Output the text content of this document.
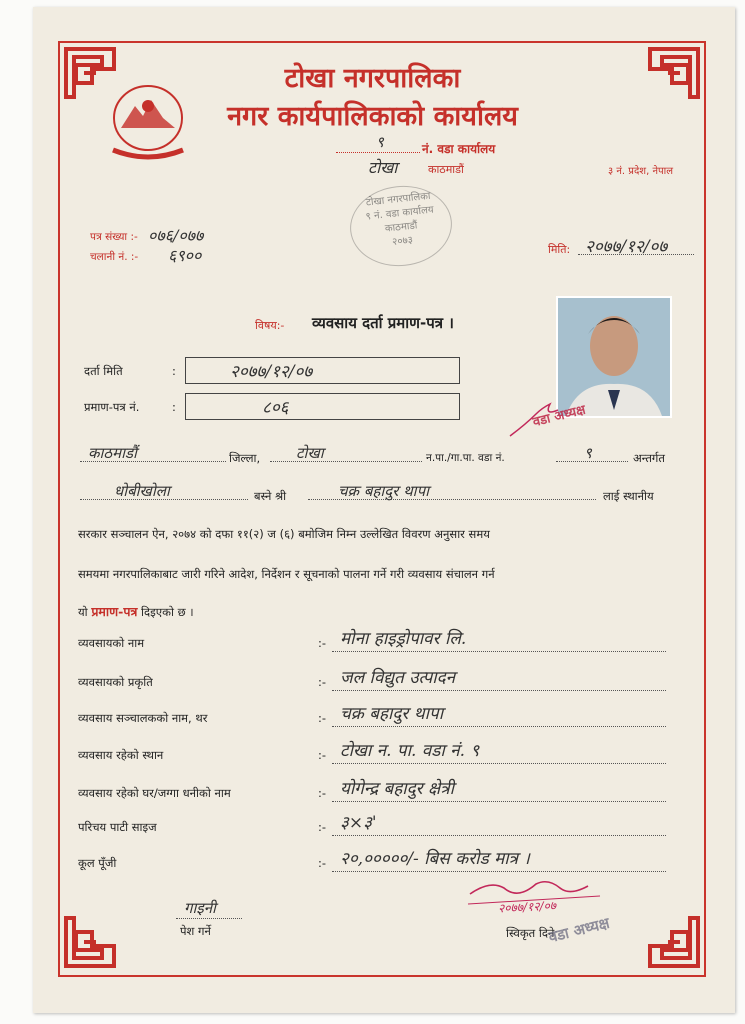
टोखा नगरपालिका
नगर कार्यपालिकाको कार्यालय
९	नं. वडा कार्यालय
टोखा	काठमाडौं	३ नं. प्रदेश, नेपाल
टोखा नगरपालिका
९ नं. वडा कार्यालय
काठमाडौं
२०७३
पत्र संख्या :- ०७६/०७७
चलानी नं. :- ६९००	मिति: २०७७/१२/०७
विषय:- व्यवसाय दर्ता प्रमाण-पत्र ।
वडा अध्यक्ष
दर्ता मिति	:	२०७७/१२/०७
प्रमाण-पत्र नं.	:	८०६
काठमाडौं	जिल्ला, टोखा	न.पा./गा.पा. वडा नं.	९	अन्तर्गत
धोबीखोला	बस्ने श्री	चक्र बहादुर थापा	लाई स्थानीय
सरकार सञ्चालन ऐन, २०७४ को दफा ११(२) ज (६) बमोजिम निम्न उल्लेखित विवरण अनुसार समय
समयमा नगरपालिकाबाट जारी गरिने आदेश, निर्देशन र सूचनाको पालना गर्ने गरी व्यवसाय संचालन गर्न
यो प्रमाण-पत्र दिइएको छ ।
व्यवसायको नाम	:- मोना हाइड्रोपावर लि.
व्यवसायको प्रकृति	:- जल विद्युत उत्पादन
व्यवसाय सञ्चालकको नाम, थर	:- चक्र बहादुर थापा
व्यवसाय रहेको स्थान	:- टोखा न. पा. वडा नं. ९
व्यवसाय रहेको घर/जग्गा धनीको नाम	:- योगेन्द्र बहादुर क्षेत्री
परिचय पाटी साइज	:- ३×३'
कूल पूँजी	:- २०,०००००/- बिस करोड मात्र ।
गाइनी
पेश गर्ने
२०७७/१२/०७
स्विकृत दिने
वडा अध्यक्ष
